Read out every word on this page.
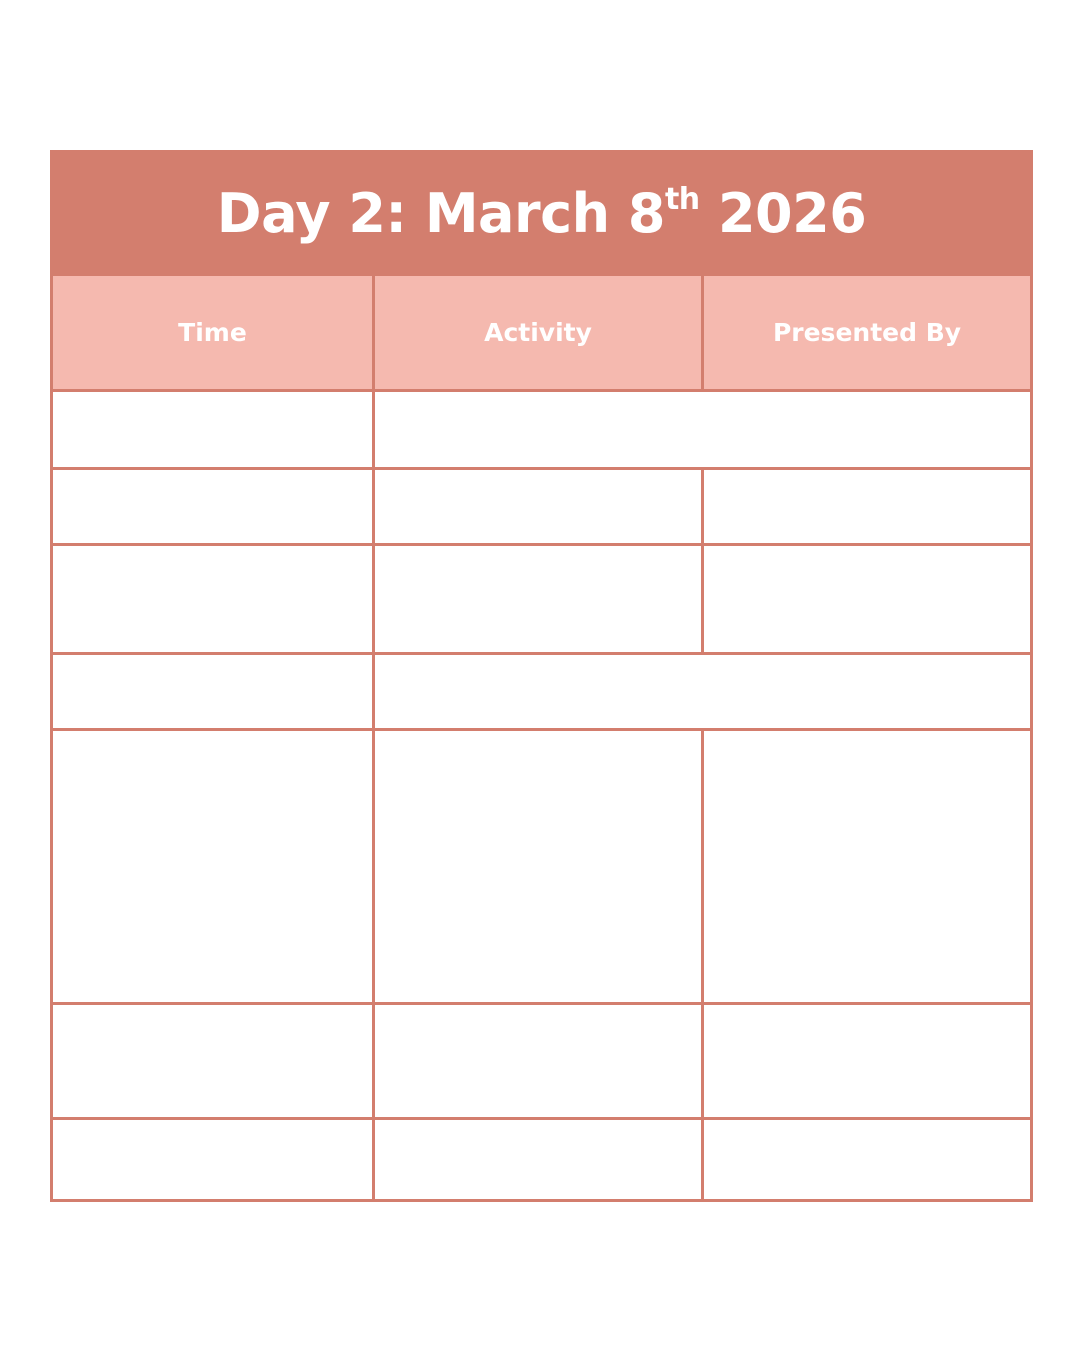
Day 2: March 8th 2026		
Time	Activity	Presented By
